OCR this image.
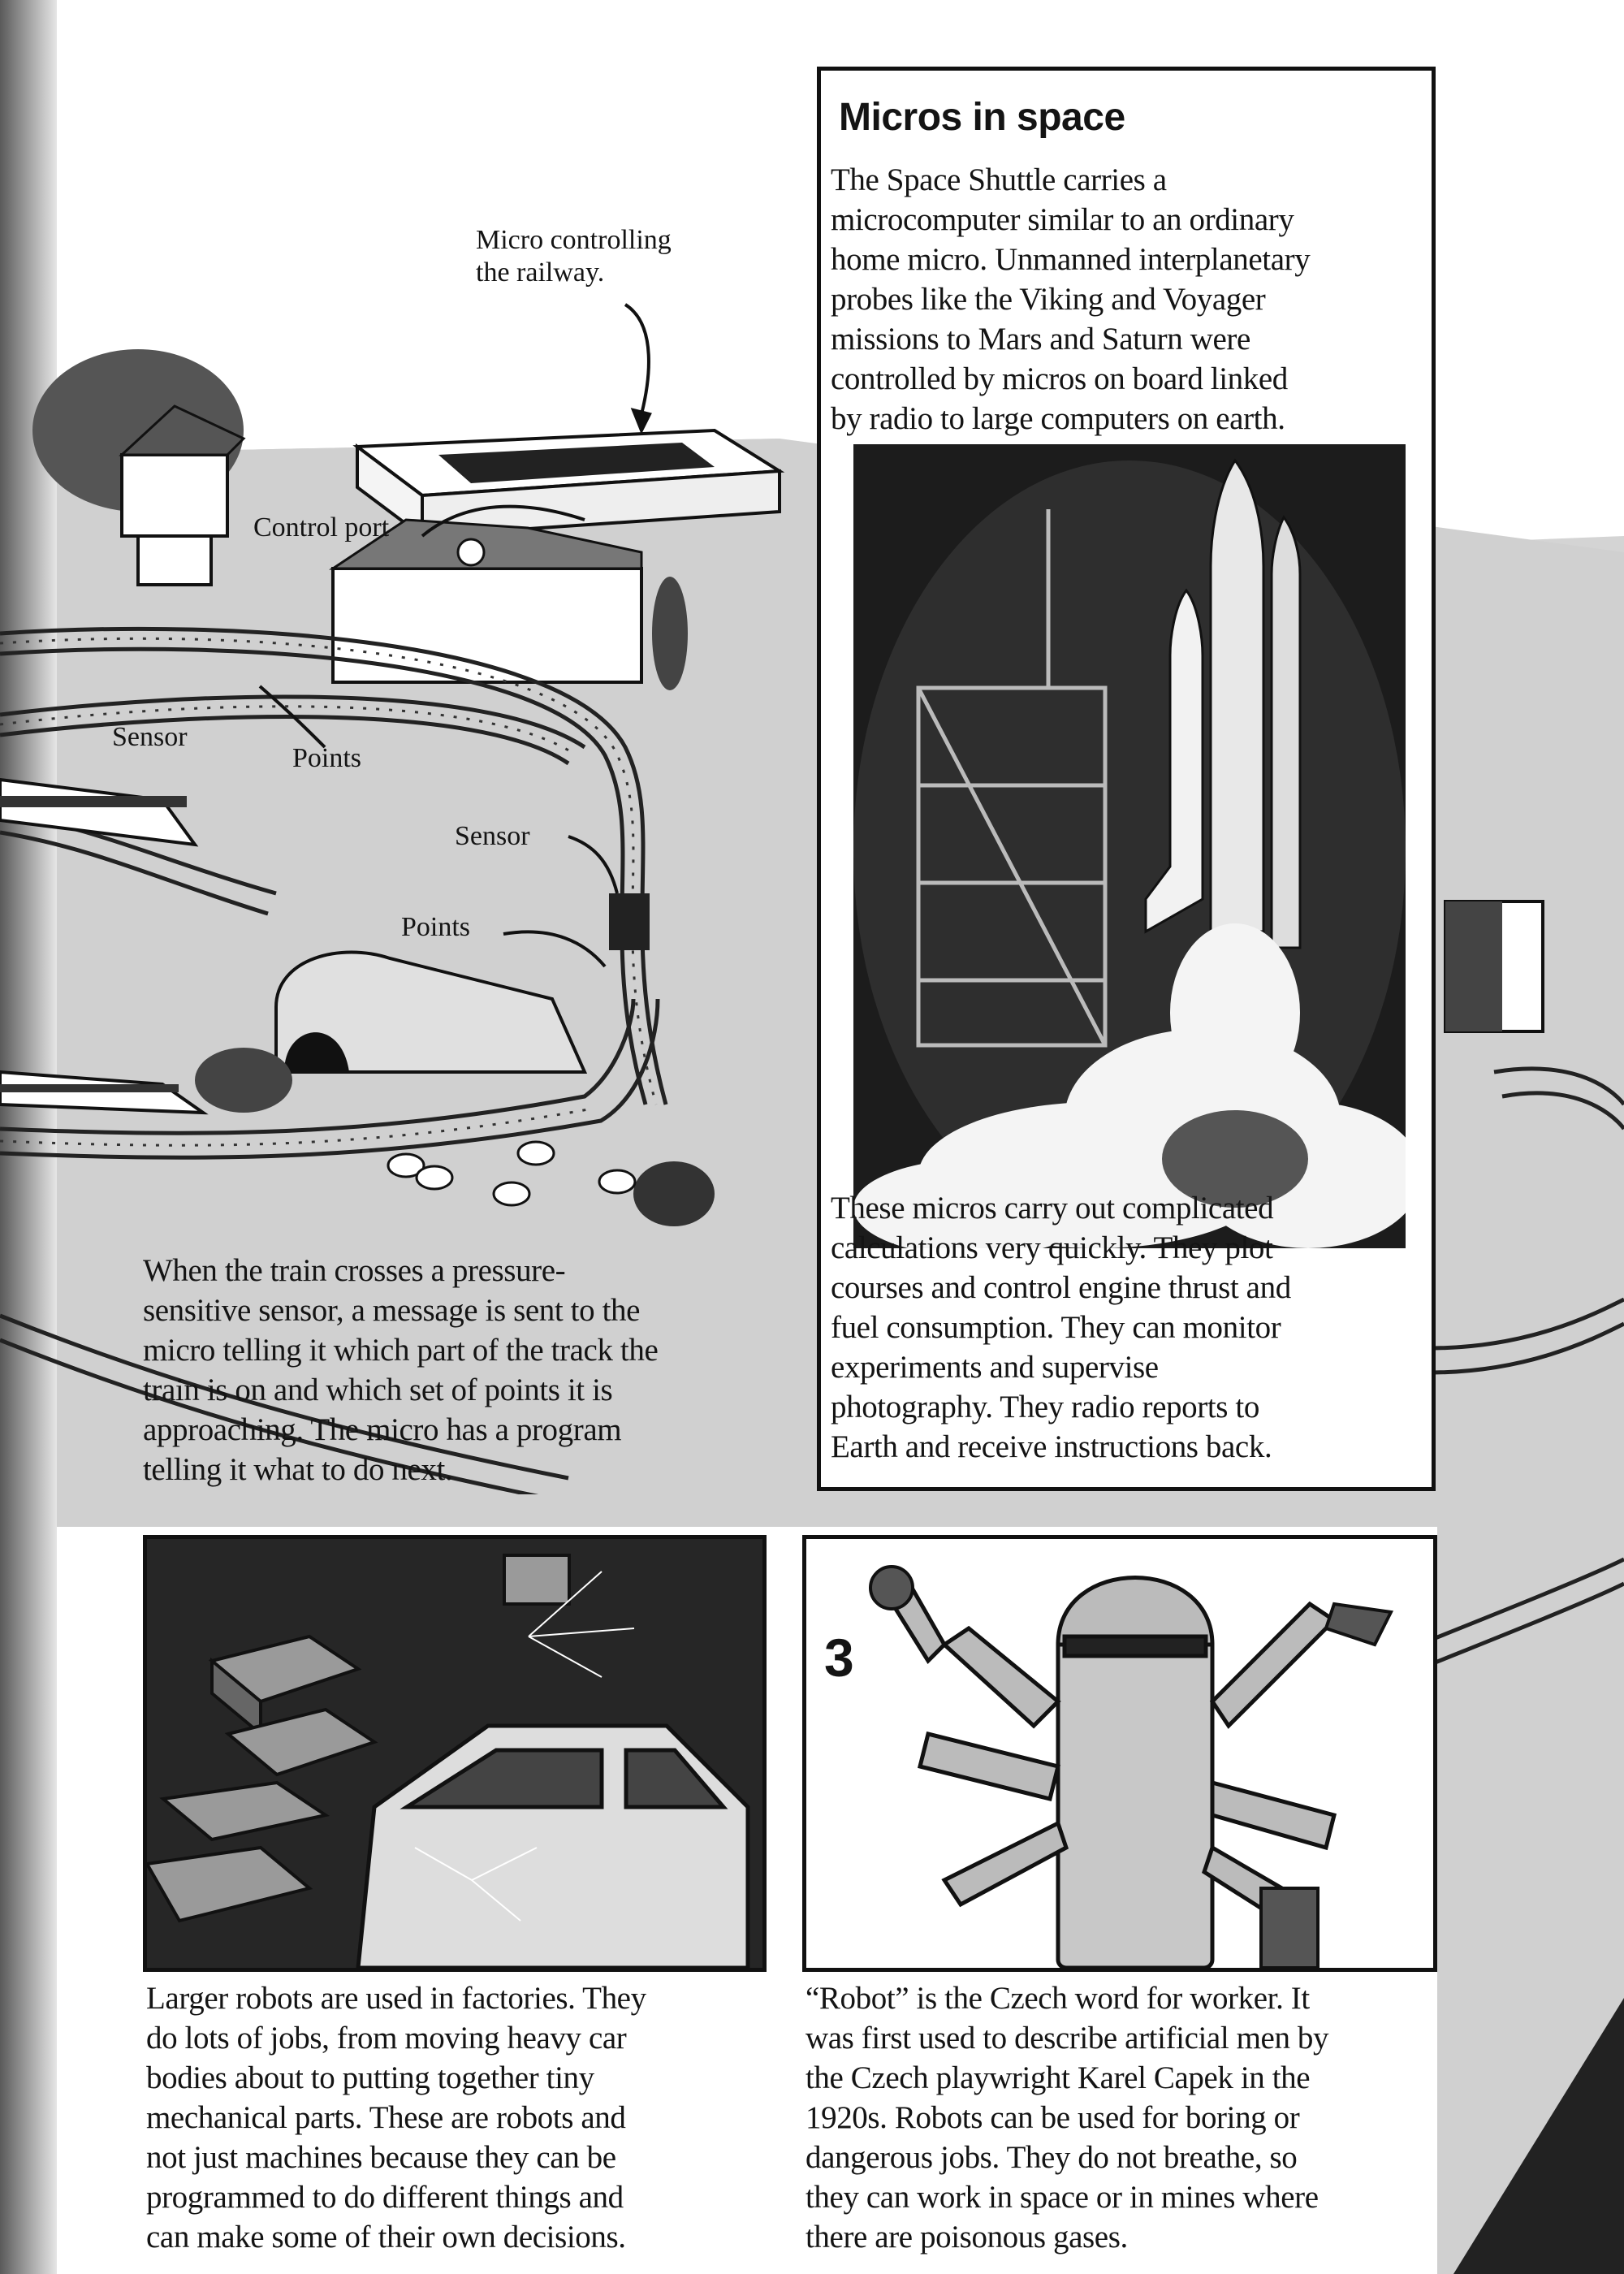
Micro controlling
the railway.
Control port
Sensor
Points
Sensor
Points
When the train crosses a pressure-
sensitive sensor, a message is sent to the
micro telling it which part of the track the
train is on and which set of points it is
approaching. The micro has a program
telling it what to do next.
Micros in space
The Space Shuttle carries a
microcomputer similar to an ordinary
home micro. Unmanned interplanetary
probes like the Viking and Voyager
missions to Mars and Saturn were
controlled by micros on board linked
by radio to large computers on earth.
These micros carry out complicated
calculations very quickly. They plot
courses and control engine thrust and
fuel consumption. They can monitor
experiments and supervise
photography. They radio reports to
Earth and receive instructions back.
Larger robots are used in factories. They
do lots of jobs, from moving heavy car
bodies about to putting together tiny
mechanical parts. These are robots and
not just machines because they can be
programmed to do different things and
can make some of their own decisions.
3
“Robot” is the Czech word for worker. It
was first used to describe artificial men by
the Czech playwright Karel Capek in the
1920s. Robots can be used for boring or
dangerous jobs. They do not breathe, so
they can work in space or in mines where
there are poisonous gases.
